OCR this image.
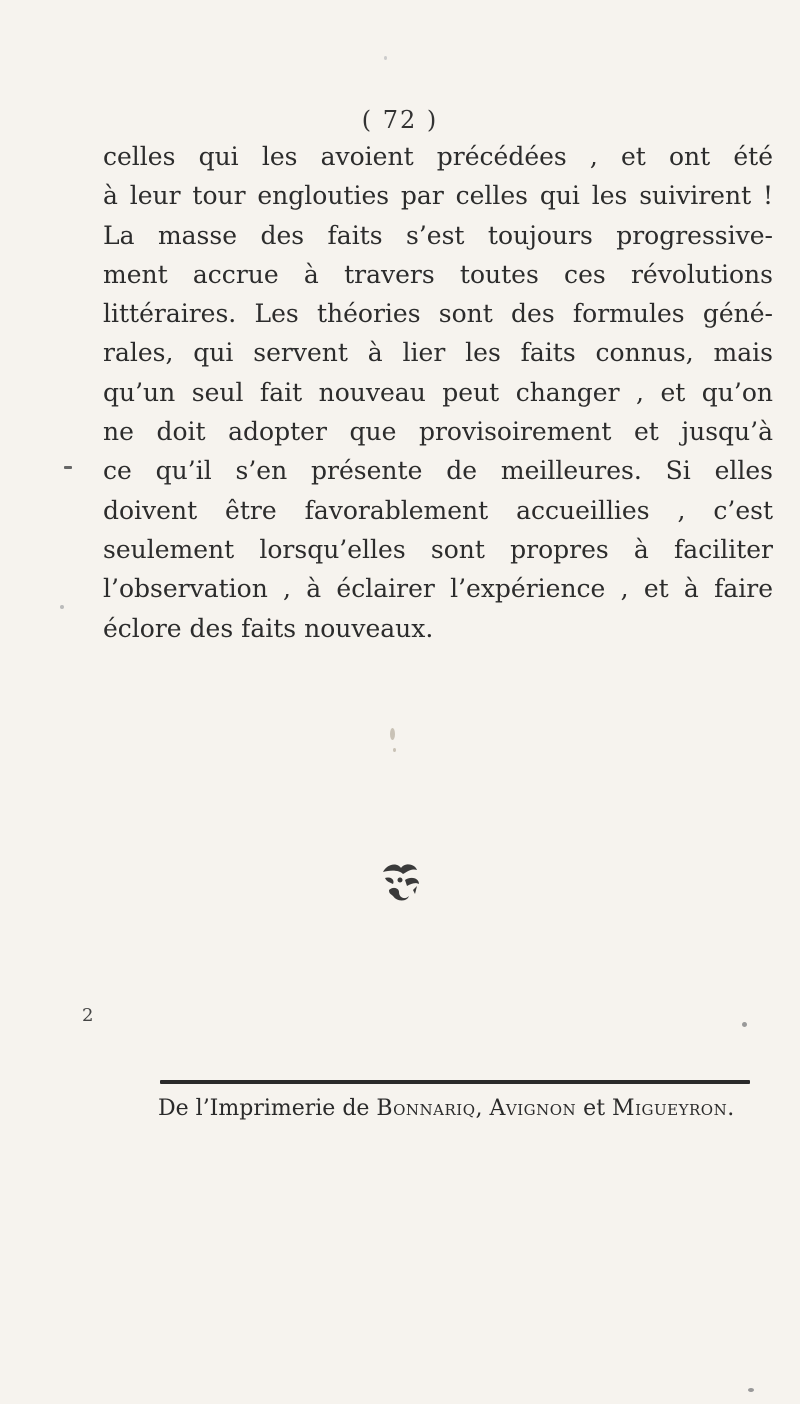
( 72 )
celles qui les avoient précédées , et ont été
à leur tour englouties par celles qui les suivirent !
La masse des faits s’est toujours progressive-
ment accrue à travers toutes ces révolutions
littéraires. Les théories sont des formules géné-
rales, qui servent à lier les faits connus, mais
qu’un seul fait nouveau peut changer , et qu’on
ne doit adopter que provisoirement et jusqu’à
ce qu’il s’en présente de meilleures. Si elles
doivent être favorablement accueillies , c’est
seulement lorsqu’elles sont propres à faciliter
l’observation , à éclairer l’expérience , et à faire
éclore des faits nouveaux.
2
De l’Imprimerie de Bonnariq, Avignon et Migueyron.
